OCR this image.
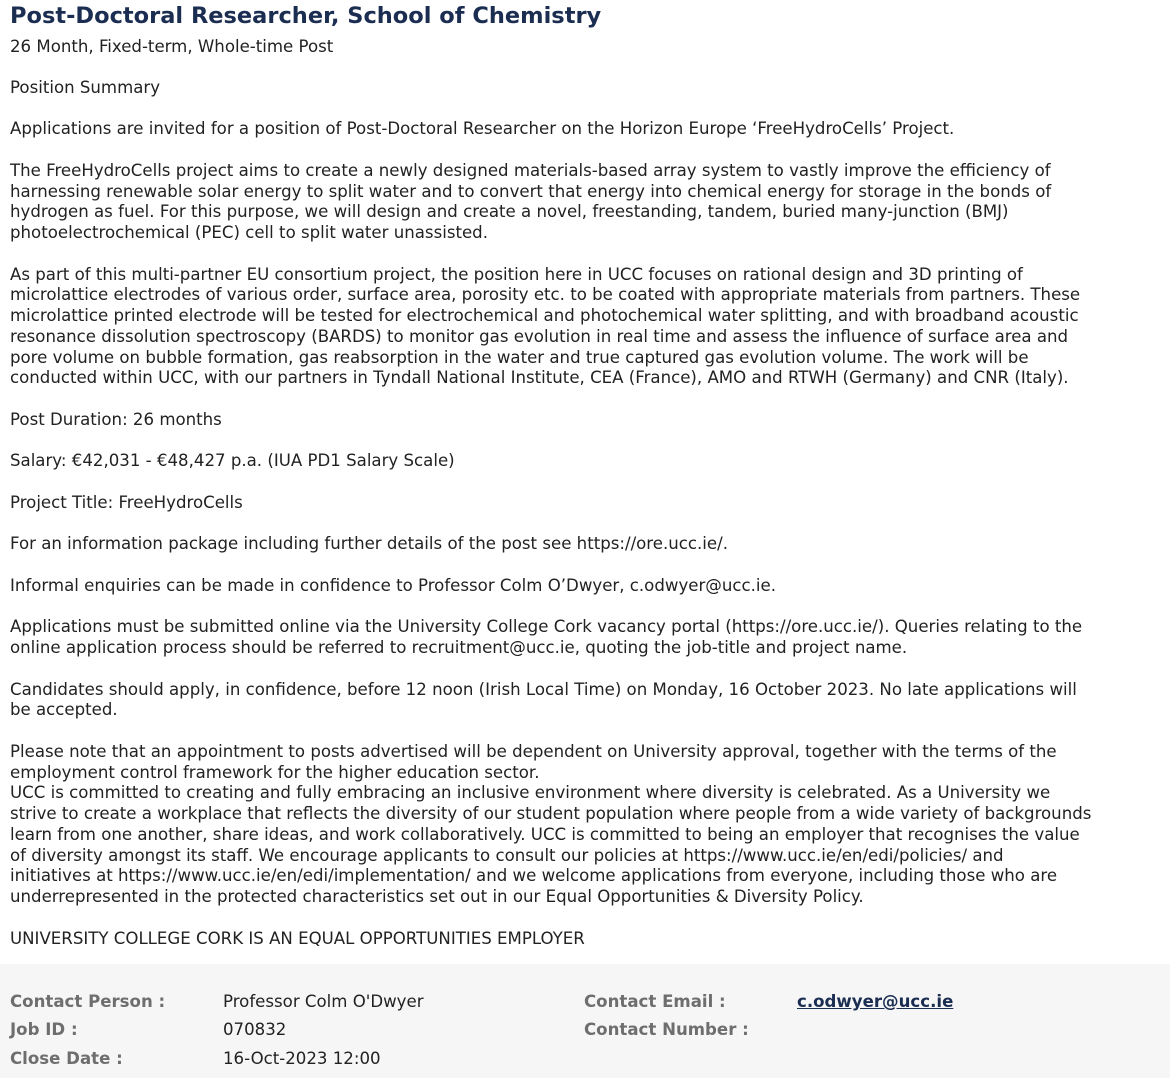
Post-Doctoral Researcher, School of Chemistry
26 Month, Fixed-term, Whole-time Post

Position Summary

Applications are invited for a position of Post-Doctoral Researcher on the Horizon Europe ‘FreeHydroCells’ Project.

The FreeHydroCells project aims to create a newly designed materials-based array system to vastly improve the efficiency of
harnessing renewable solar energy to split water and to convert that energy into chemical energy for storage in the bonds of
hydrogen as fuel. For this purpose, we will design and create a novel, freestanding, tandem, buried many-junction (BMJ)
photoelectrochemical (PEC) cell to split water unassisted.

As part of this multi-partner EU consortium project, the position here in UCC focuses on rational design and 3D printing of
microlattice electrodes of various order, surface area, porosity etc. to be coated with appropriate materials from partners. These
microlattice printed electrode will be tested for electrochemical and photochemical water splitting, and with broadband acoustic
resonance dissolution spectroscopy (BARDS) to monitor gas evolution in real time and assess the influence of surface area and
pore volume on bubble formation, gas reabsorption in the water and true captured gas evolution volume. The work will be
conducted within UCC, with our partners in Tyndall National Institute, CEA (France), AMO and RTWH (Germany) and CNR (Italy).

Post Duration: 26 months

Salary: €42,031 - €48,427 p.a. (IUA PD1 Salary Scale)

Project Title: FreeHydroCells

For an information package including further details of the post see https://ore.ucc.ie/.

Informal enquiries can be made in confidence to Professor Colm O’Dwyer, c.odwyer@ucc.ie.

Applications must be submitted online via the University College Cork vacancy portal (https://ore.ucc.ie/). Queries relating to the
online application process should be referred to recruitment@ucc.ie, quoting the job-title and project name.

Candidates should apply, in confidence, before 12 noon (Irish Local Time) on Monday, 16 October 2023. No late applications will
be accepted.

Please note that an appointment to posts advertised will be dependent on University approval, together with the terms of the
employment control framework for the higher education sector.
UCC is committed to creating and fully embracing an inclusive environment where diversity is celebrated. As a University we
strive to create a workplace that reflects the diversity of our student population where people from a wide variety of backgrounds
learn from one another, share ideas, and work collaboratively. UCC is committed to being an employer that recognises the value
of diversity amongst its staff. We encourage applicants to consult our policies at https://www.ucc.ie/en/edi/policies/ and
initiatives at https://www.ucc.ie/en/edi/implementation/ and we welcome applications from everyone, including those who are
underrepresented in the protected characteristics set out in our Equal Opportunities & Diversity Policy.

UNIVERSITY COLLEGE CORK IS AN EQUAL OPPORTUNITIES EMPLOYER

Contact Person :	Professor Colm O'Dwyer	Contact Email :	c.odwyer@ucc.ie
Job ID :	070832	Contact Number :
Close Date :	16-Oct-2023 12:00
